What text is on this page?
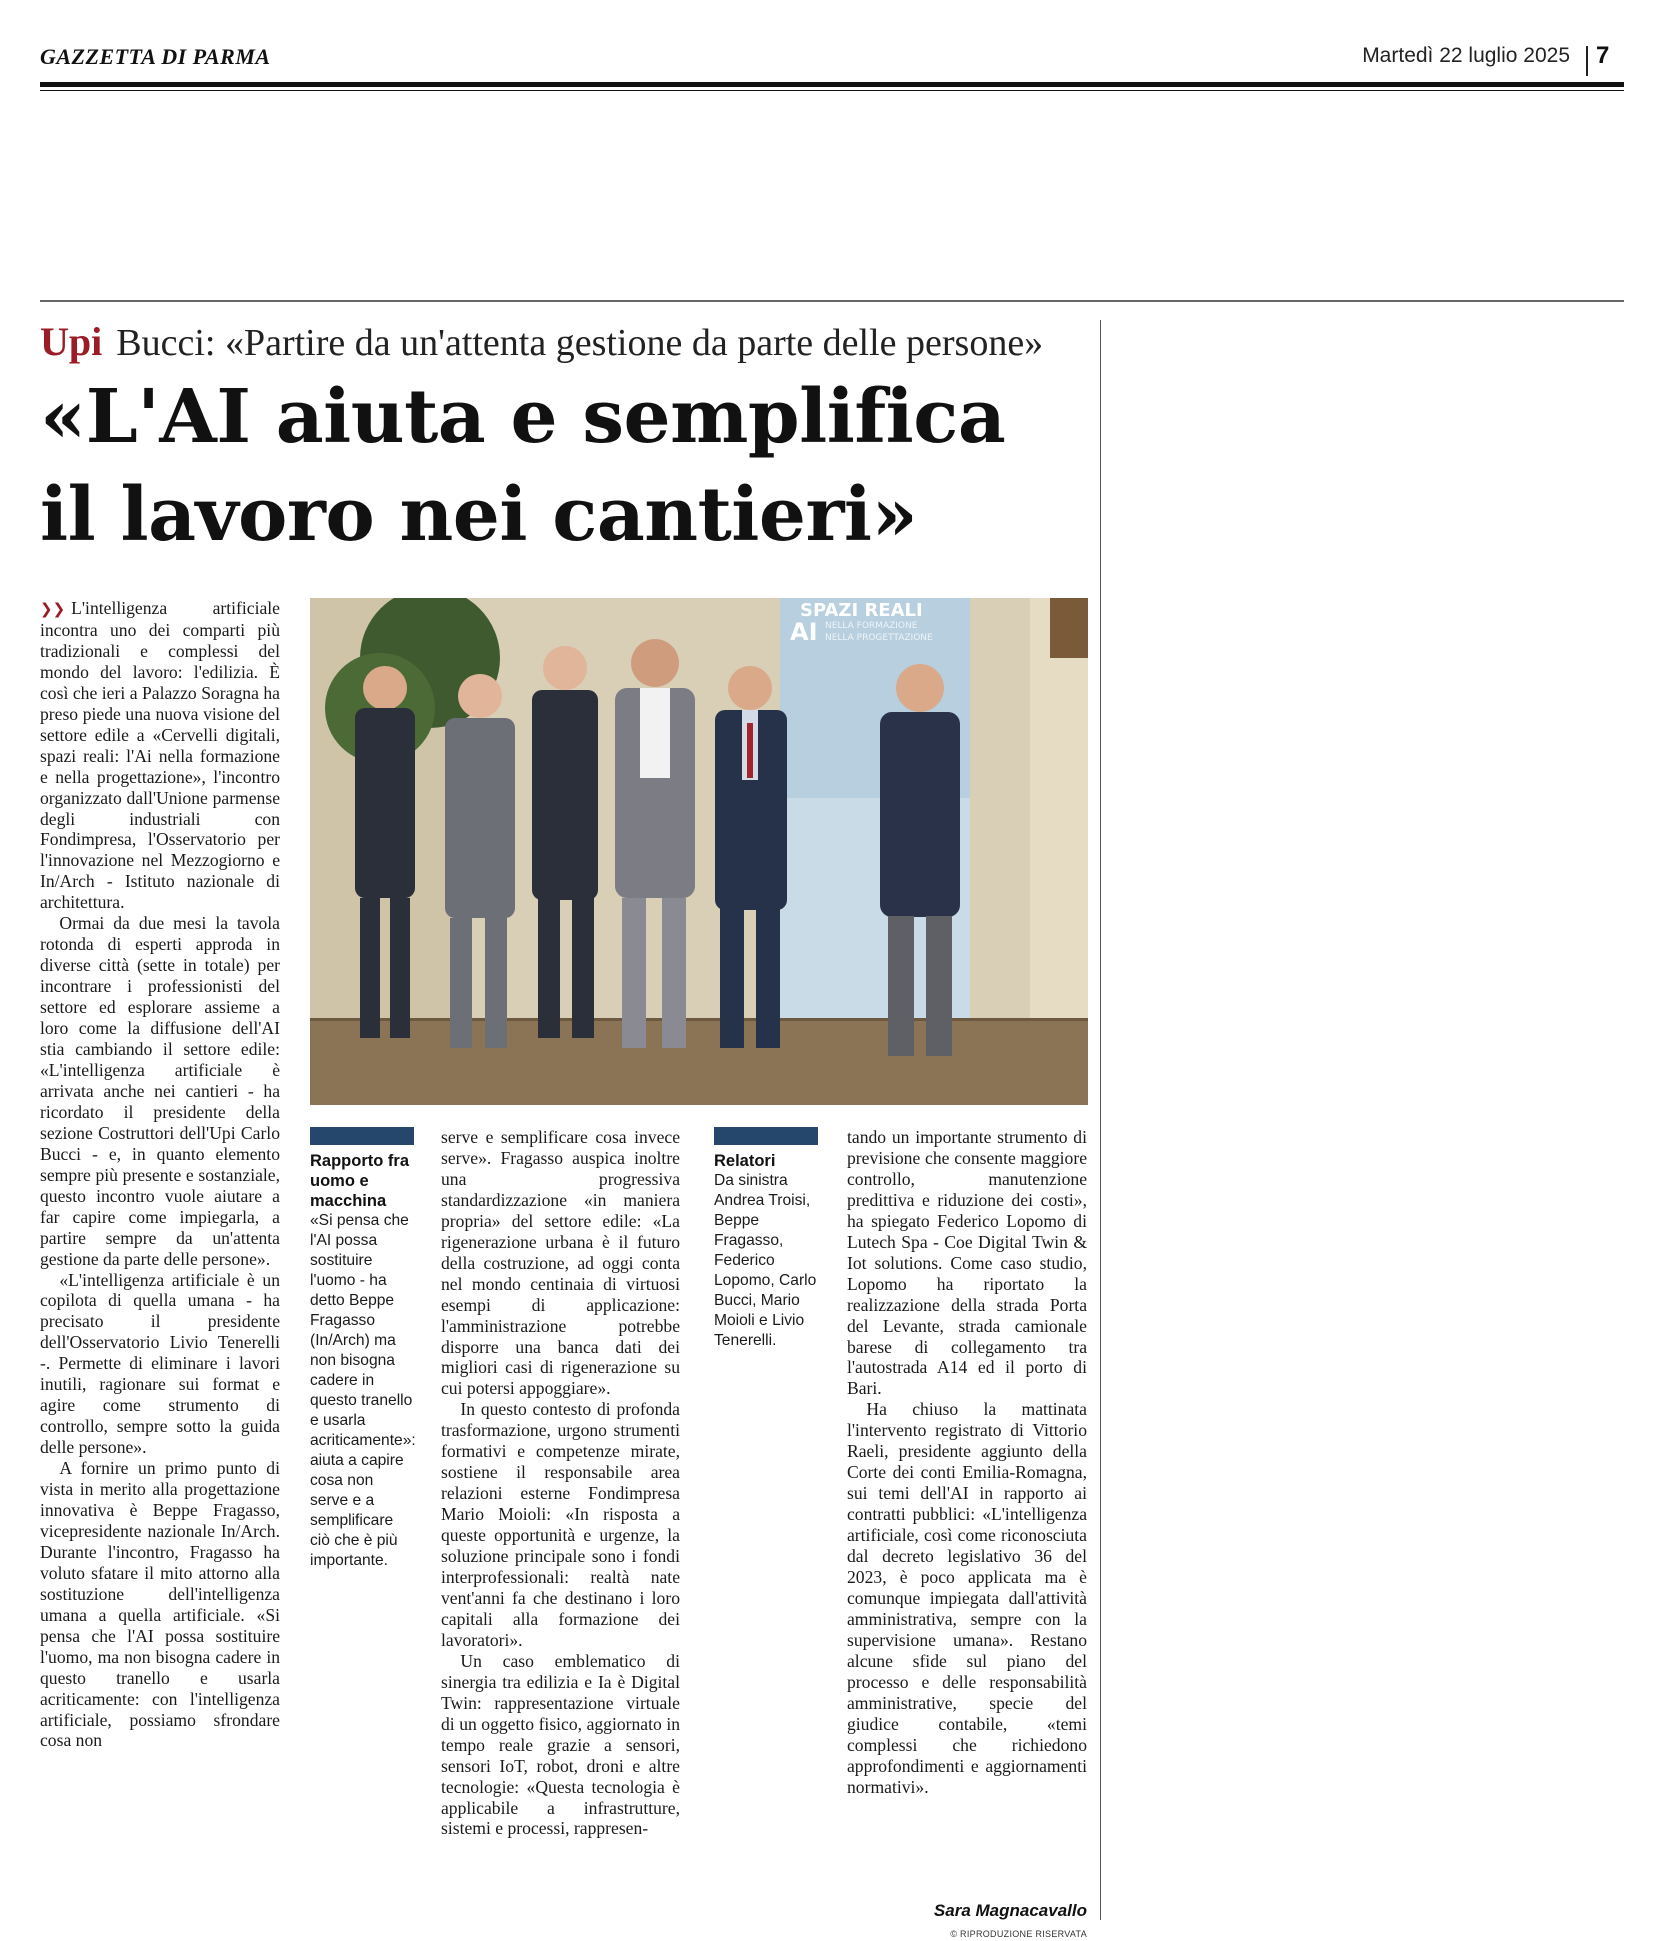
GAZZETTA DI PARMA	Martedì 22 luglio 2025 7
Upi Bucci: «Partire da un'attenta gestione da parte delle persone»
«L'AI aiuta e semplifica
il lavoro nei cantieri»
SPAZI REALI
AI NELLA FORMAZIONE
NELLA PROGETTAZIONE

❯❯ L'intelligenza artificiale incontra uno dei comparti più tradizionali e complessi del mondo del lavoro: l'edilizia. È così che ieri a Palazzo Soragna ha preso piede una nuova visione del settore edile a «Cervelli digitali, spazi reali: l'Ai nella formazione e nella progettazione», l'incontro organizzato dall'Unione parmense degli industriali con Fondimpresa, l'Osservatorio per l'innovazione nel Mezzogiorno e In/Arch - Istituto nazionale di architettura.

Ormai da due mesi la tavola rotonda di esperti approda in diverse città (sette in totale) per incontrare i professionisti del settore ed esplorare assieme a loro come la diffusione dell'AI stia cambiando il settore edile: «L'intelligenza artificiale è arrivata anche nei cantieri - ha ricordato il presidente della sezione Costruttori dell'Upi Carlo Bucci - e, in quanto elemento sempre più presente e sostanziale, questo incontro vuole aiutare a far capire come impiegarla, a partire sempre da un'attenta gestione da parte delle persone».

«L'intelligenza artificiale è un copilota di quella umana - ha precisato il presidente dell'Osservatorio Livio Tenerelli -. Permette di eliminare i lavori inutili, ragionare sui format e agire come strumento di controllo, sempre sotto la guida delle persone».

A fornire un primo punto di vista in merito alla progettazione innovativa è Beppe Fragasso, vicepresidente nazionale In/Arch. Durante l'incontro, Fragasso ha voluto sfatare il mito attorno alla sostituzione dell'intelligenza umana a quella artificiale. «Si pensa che l'AI possa sostituire l'uomo, ma non bisogna cadere in questo tranello e usarla acriticamente: con l'intelligenza artificiale, possiamo sfrondare cosa non

Rapporto fra uomo e macchina
«Si pensa che l'AI possa sostituire l'uomo - ha detto Beppe Fragasso (In/Arch) ma non bisogna cadere in questo tranello e usarla acriticamente»: aiuta a capire cosa non serve e a semplificare ciò che è più importante.

serve e semplificare cosa invece serve». Fragasso auspica inoltre una progressiva standardizzazione «in maniera propria» del settore edile: «La rigenerazione urbana è il futuro della costruzione, ad oggi conta nel mondo centinaia di virtuosi esempi di applicazione: l'amministrazione potrebbe disporre una banca dati dei migliori casi di rigenerazione su cui potersi appoggiare».

In questo contesto di profonda trasformazione, urgono strumenti formativi e competenze mirate, sostiene il responsabile area relazioni esterne Fondimpresa Mario Moioli: «In risposta a queste opportunità e urgenze, la soluzione principale sono i fondi interprofessionali: realtà nate vent'anni fa che destinano i loro capitali alla formazione dei lavoratori».

Un caso emblematico di sinergia tra edilizia e Ia è Digital Twin: rappresentazione virtuale di un oggetto fisico, aggiornato in tempo reale grazie a sensori, sensori IoT, robot, droni e altre tecnologie: «Questa tecnologia è applicabile a infrastrutture, sistemi e processi, rappresen-

Relatori
Da sinistra Andrea Troisi, Beppe Fragasso, Federico Lopomo, Carlo Bucci, Mario Moioli e Livio Tenerelli.

tando un importante strumento di previsione che consente maggiore controllo, manutenzione predittiva e riduzione dei costi», ha spiegato Federico Lopomo di Lutech Spa - Coe Digital Twin & Iot solutions. Come caso studio, Lopomo ha riportato la realizzazione della strada Porta del Levante, strada camionale barese di collegamento tra l'autostrada A14 ed il porto di Bari.

Ha chiuso la mattinata l'intervento registrato di Vittorio Raeli, presidente aggiunto della Corte dei conti Emilia-Romagna, sui temi dell'AI in rapporto ai contratti pubblici: «L'intelligenza artificiale, così come riconosciuta dal decreto legislativo 36 del 2023, è poco applicata ma è comunque impiegata dall'attività amministrativa, sempre con la supervisione umana». Restano alcune sfide sul piano del processo e delle responsabilità amministrative, specie del giudice contabile, «temi complessi che richiedono approfondimenti e aggiornamenti normativi».

Sara Magnacavallo
© RIPRODUZIONE RISERVATA
